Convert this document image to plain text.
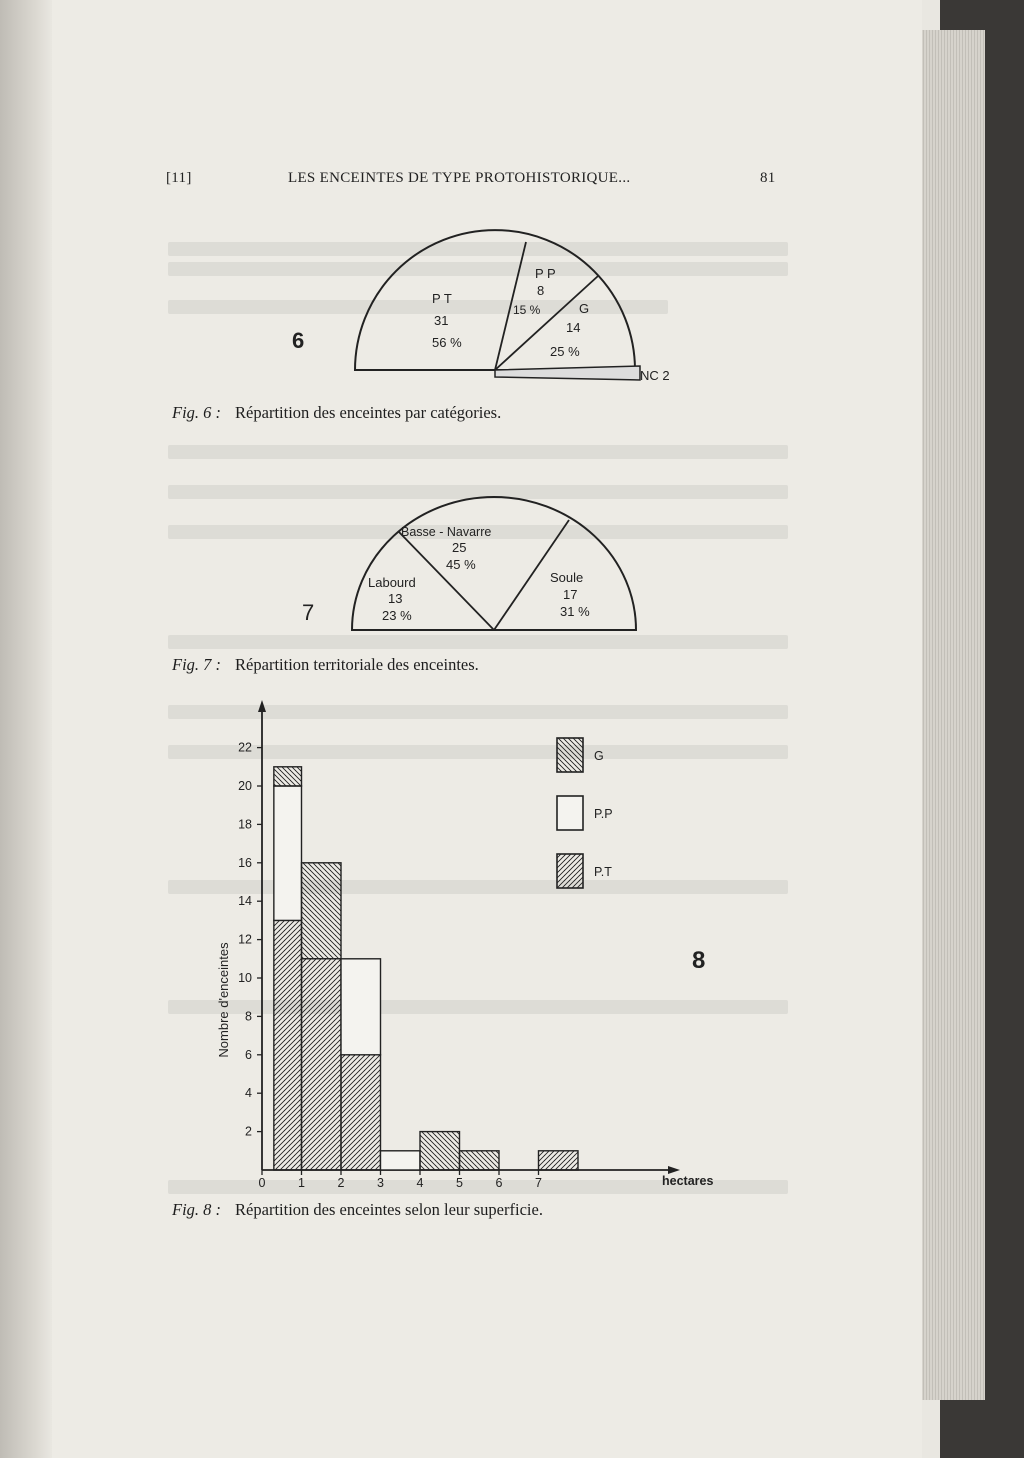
[11]	LES ENCEINTES DE TYPE PROTOHISTORIQUE...	81
6
P T
31
56 %
P P
8
15 %	G
14
25 %
NC 2
7
Basse - Navarre
25
45 %
Labourd
13
23 %
Soule
17
31 %
hectares
Nombre d'enceintes	8
0	1	2	3	4	5	6	7
2
4
6
8
10
12
14
16
18
20
22
G
P.P
P.T
Fig. 6 : Répartition des enceintes par catégories.
Fig. 7 : Répartition territoriale des enceintes.
Fig. 8 : Répartition des enceintes selon leur superficie.
